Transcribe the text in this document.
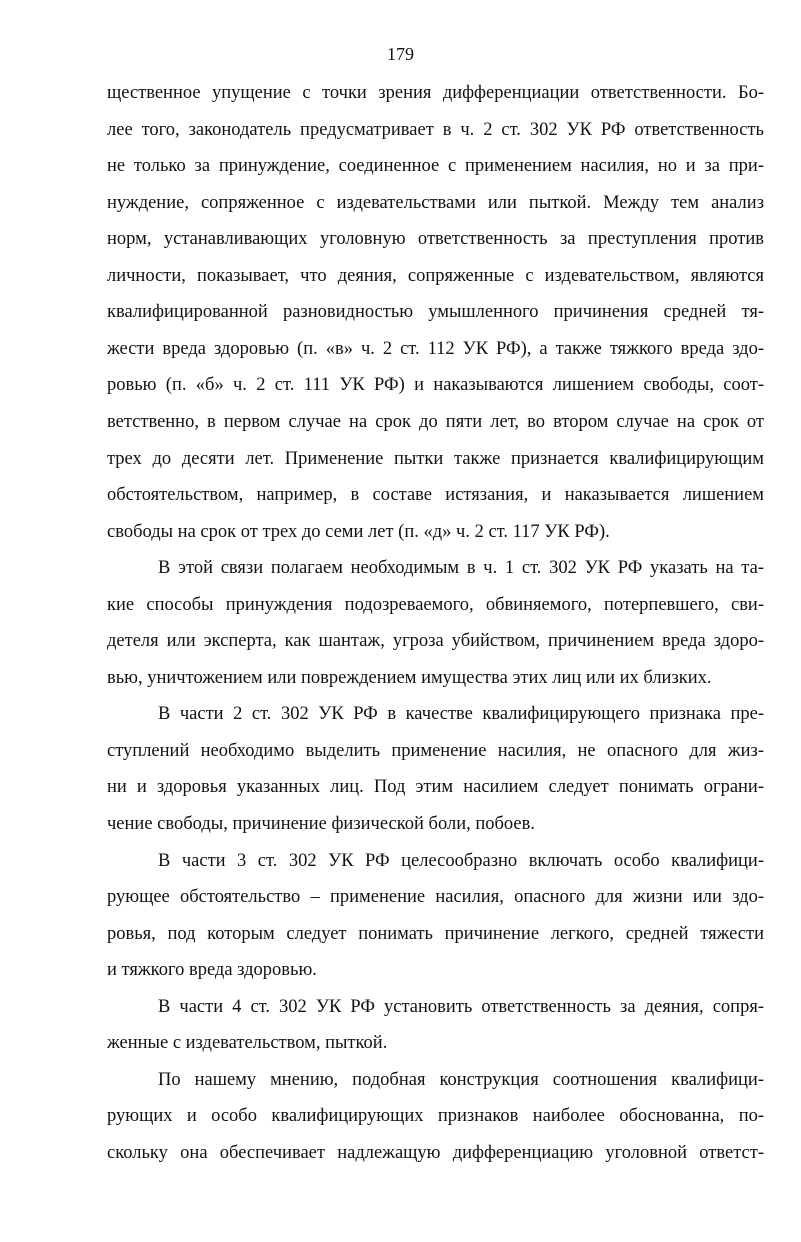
179
щественное упущение с точки зрения дифференциации ответственности. Бо-
лее того, законодатель предусматривает в ч. 2 ст. 302 УК РФ ответственность
не только за принуждение, соединенное с применением насилия, но и за при-
нуждение, сопряженное с издевательствами или пыткой. Между тем анализ
норм, устанавливающих уголовную ответственность за преступления против
личности, показывает, что деяния, сопряженные с издевательством, являются
квалифицированной разновидностью умышленного причинения средней тя-
жести вреда здоровью (п. «в» ч. 2 ст. 112 УК РФ), а также тяжкого вреда здо-
ровью (п. «б» ч. 2 ст. 111 УК РФ) и наказываются лишением свободы, соот-
ветственно, в первом случае на срок до пяти лет, во втором случае на срок от
трех до десяти лет. Применение пытки также признается квалифицирующим
обстоятельством, например, в составе истязания, и наказывается лишением
свободы на срок от трех до семи лет (п. «д» ч. 2 ст. 117 УК РФ).
В этой связи полагаем необходимым в ч. 1 ст. 302 УК РФ указать на та-
кие способы принуждения подозреваемого, обвиняемого, потерпевшего, сви-
детеля или эксперта, как шантаж, угроза убийством, причинением вреда здоро-
вью, уничтожением или повреждением имущества этих лиц или их близких.
В части 2 ст. 302 УК РФ в качестве квалифицирующего признака пре-
ступлений необходимо выделить применение насилия, не опасного для жиз-
ни и здоровья указанных лиц. Под этим насилием следует понимать ограни-
чение свободы, причинение физической боли, побоев.
В части 3 ст. 302 УК РФ целесообразно включать особо квалифици-
рующее обстоятельство – применение насилия, опасного для жизни или здо-
ровья, под которым следует понимать причинение легкого, средней тяжести
и тяжкого вреда здоровью.
В части 4 ст. 302 УК РФ установить ответственность за деяния, сопря-
женные с издевательством, пыткой.
По нашему мнению, подобная конструкция соотношения квалифици-
рующих и особо квалифицирующих признаков наиболее обоснованна, по-
скольку она обеспечивает надлежащую дифференциацию уголовной ответст-
